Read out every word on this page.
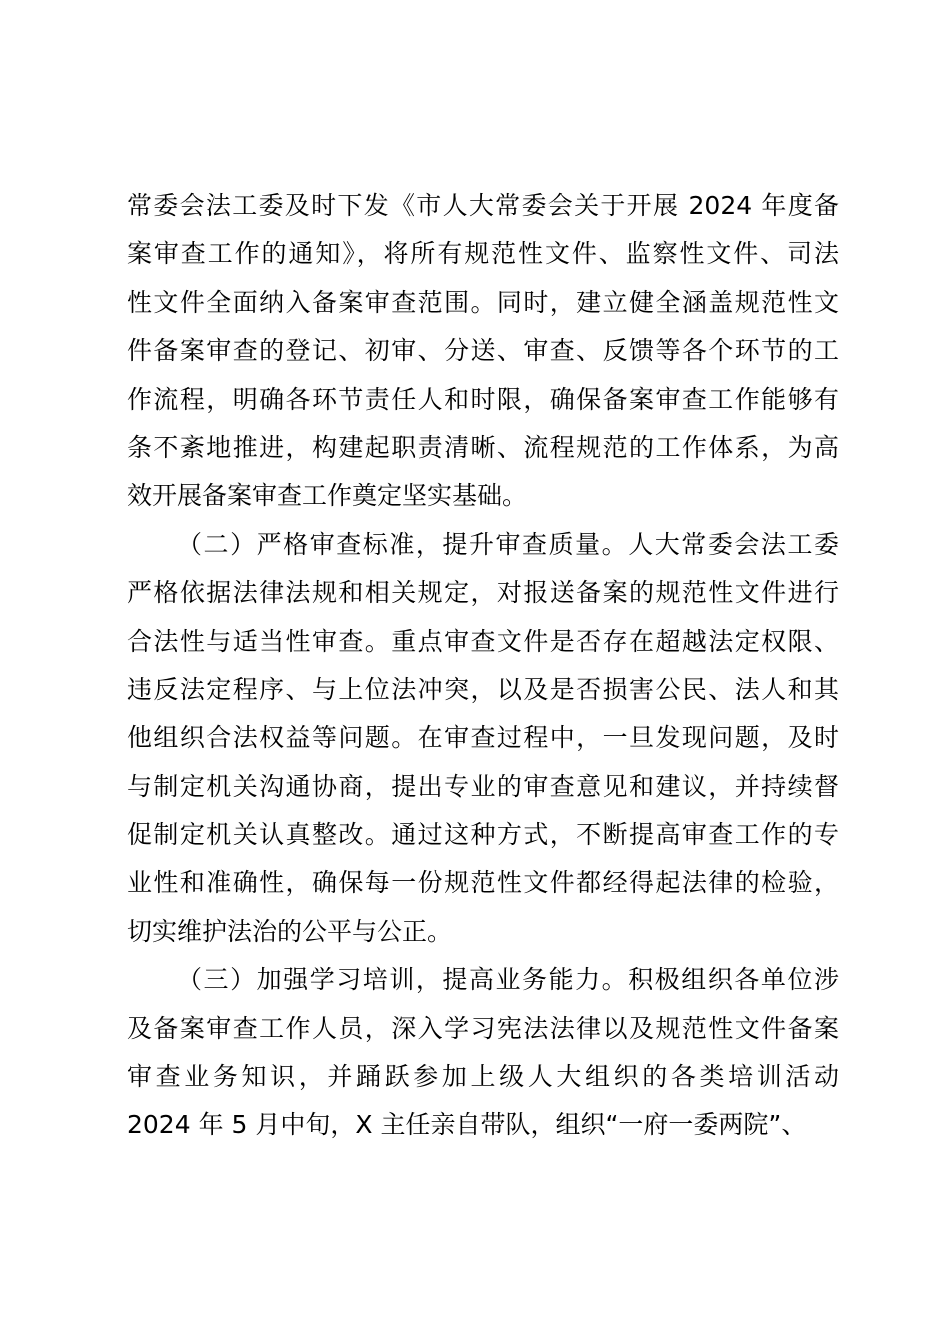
常委会法工委及时下发《市人大常委会关于开展 2024 年度备
案审查工作的通知》，将所有规范性文件、监察性文件、司法
性文件全面纳入备案审查范围。同时，建立健全涵盖规范性文
件备案审查的登记、初审、分送、审查、反馈等各个环节的工
作流程，明确各环节责任人和时限，确保备案审查工作能够有
条不紊地推进，构建起职责清晰、流程规范的工作体系，为高
效开展备案审查工作奠定坚实基础。
（二）严格审查标准，提升审查质量。人大常委会法工委
严格依据法律法规和相关规定，对报送备案的规范性文件进行
合法性与适当性审查。重点审查文件是否存在超越法定权限、
违反法定程序、与上位法冲突，以及是否损害公民、法人和其
他组织合法权益等问题。在审查过程中，一旦发现问题，及时
与制定机关沟通协商，提出专业的审查意见和建议，并持续督
促制定机关认真整改。通过这种方式，不断提高审查工作的专
业性和准确性，确保每一份规范性文件都经得起法律的检验，
切实维护法治的公平与公正。
（三）加强学习培训，提高业务能力。积极组织各单位涉
及备案审查工作人员，深入学习宪法法律以及规范性文件备案
审查业务知识，并踊跃参加上级人大组织的各类培训活动
2024 年 5 月中旬，X 主任亲自带队，组织“一府一委两院”、
